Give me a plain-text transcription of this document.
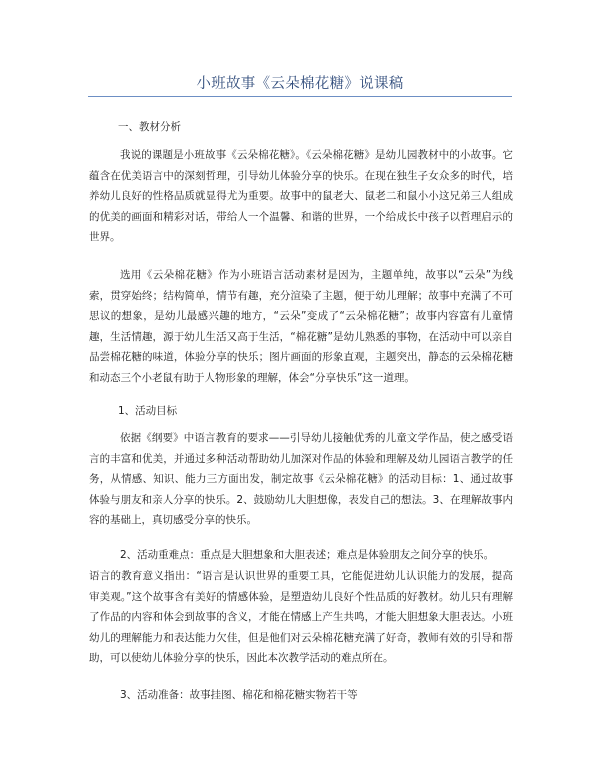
小班故事《云朵棉花糖》说课稿
一、教材分析

我说的课题是小班故事《云朵棉花糖》。《云朵棉花糖》是幼儿园教材中的小故事。它蕴含在优美语言中的深刻哲理，引导幼儿体验分享的快乐。在现在独生子女众多的时代，培养幼儿良好的性格品质就显得尤为重要。故事中的鼠老大、鼠老二和鼠小小这兄弟三人组成的优美的画面和精彩对话，带给人一个温馨、和谐的世界，一个给成长中孩子以哲理启示的世界。

选用《云朵棉花糖》作为小班语言活动素材是因为，主题单纯，故事以“云朵”为线索，贯穿始终；结构简单，情节有趣，充分渲染了主题，便于幼儿理解；故事中充满了不可思议的想象，是幼儿最感兴趣的地方，“云朵”变成了“云朵棉花糖”；故事内容富有儿童情趣，生活情趣，源于幼儿生活又高于生活，“棉花糖”是幼儿熟悉的事物，在活动中可以亲自品尝棉花糖的味道，体验分享的快乐；图片画面的形象直观，主题突出，静态的云朵棉花糖和动态三个小老鼠有助于人物形象的理解，体会“分享快乐”这一道理。

1、活动目标

依据《纲要》中语言教育的要求——引导幼儿接触优秀的儿童文学作品，使之感受语言的丰富和优美，并通过多种活动帮助幼儿加深对作品的体验和理解及幼儿园语言教学的任务，从情感、知识、能力三方面出发，制定故事《云朵棉花糖》的活动目标：1、通过故事体验与朋友和亲人分享的快乐。2、鼓励幼儿大胆想像，表发自己的想法。3、在理解故事内容的基础上，真切感受分享的快乐。

2、活动重难点：重点是大胆想象和大胆表述；难点是体验朋友之间分享的快乐。

语言的教育意义指出：“语言是认识世界的重要工具，它能促进幼儿认识能力的发展，提高审美观。”这个故事含有美好的情感体验，是塑造幼儿良好个性品质的好教材。幼儿只有理解了作品的内容和体会到故事的含义，才能在情感上产生共鸣，才能大胆想象大胆表达。小班幼儿的理解能力和表达能力欠佳，但是他们对云朵棉花糖充满了好奇，教师有效的引导和帮助，可以使幼儿体验分享的快乐，因此本次教学活动的难点所在。

3、活动准备：故事挂图、棉花和棉花糖实物若干等
